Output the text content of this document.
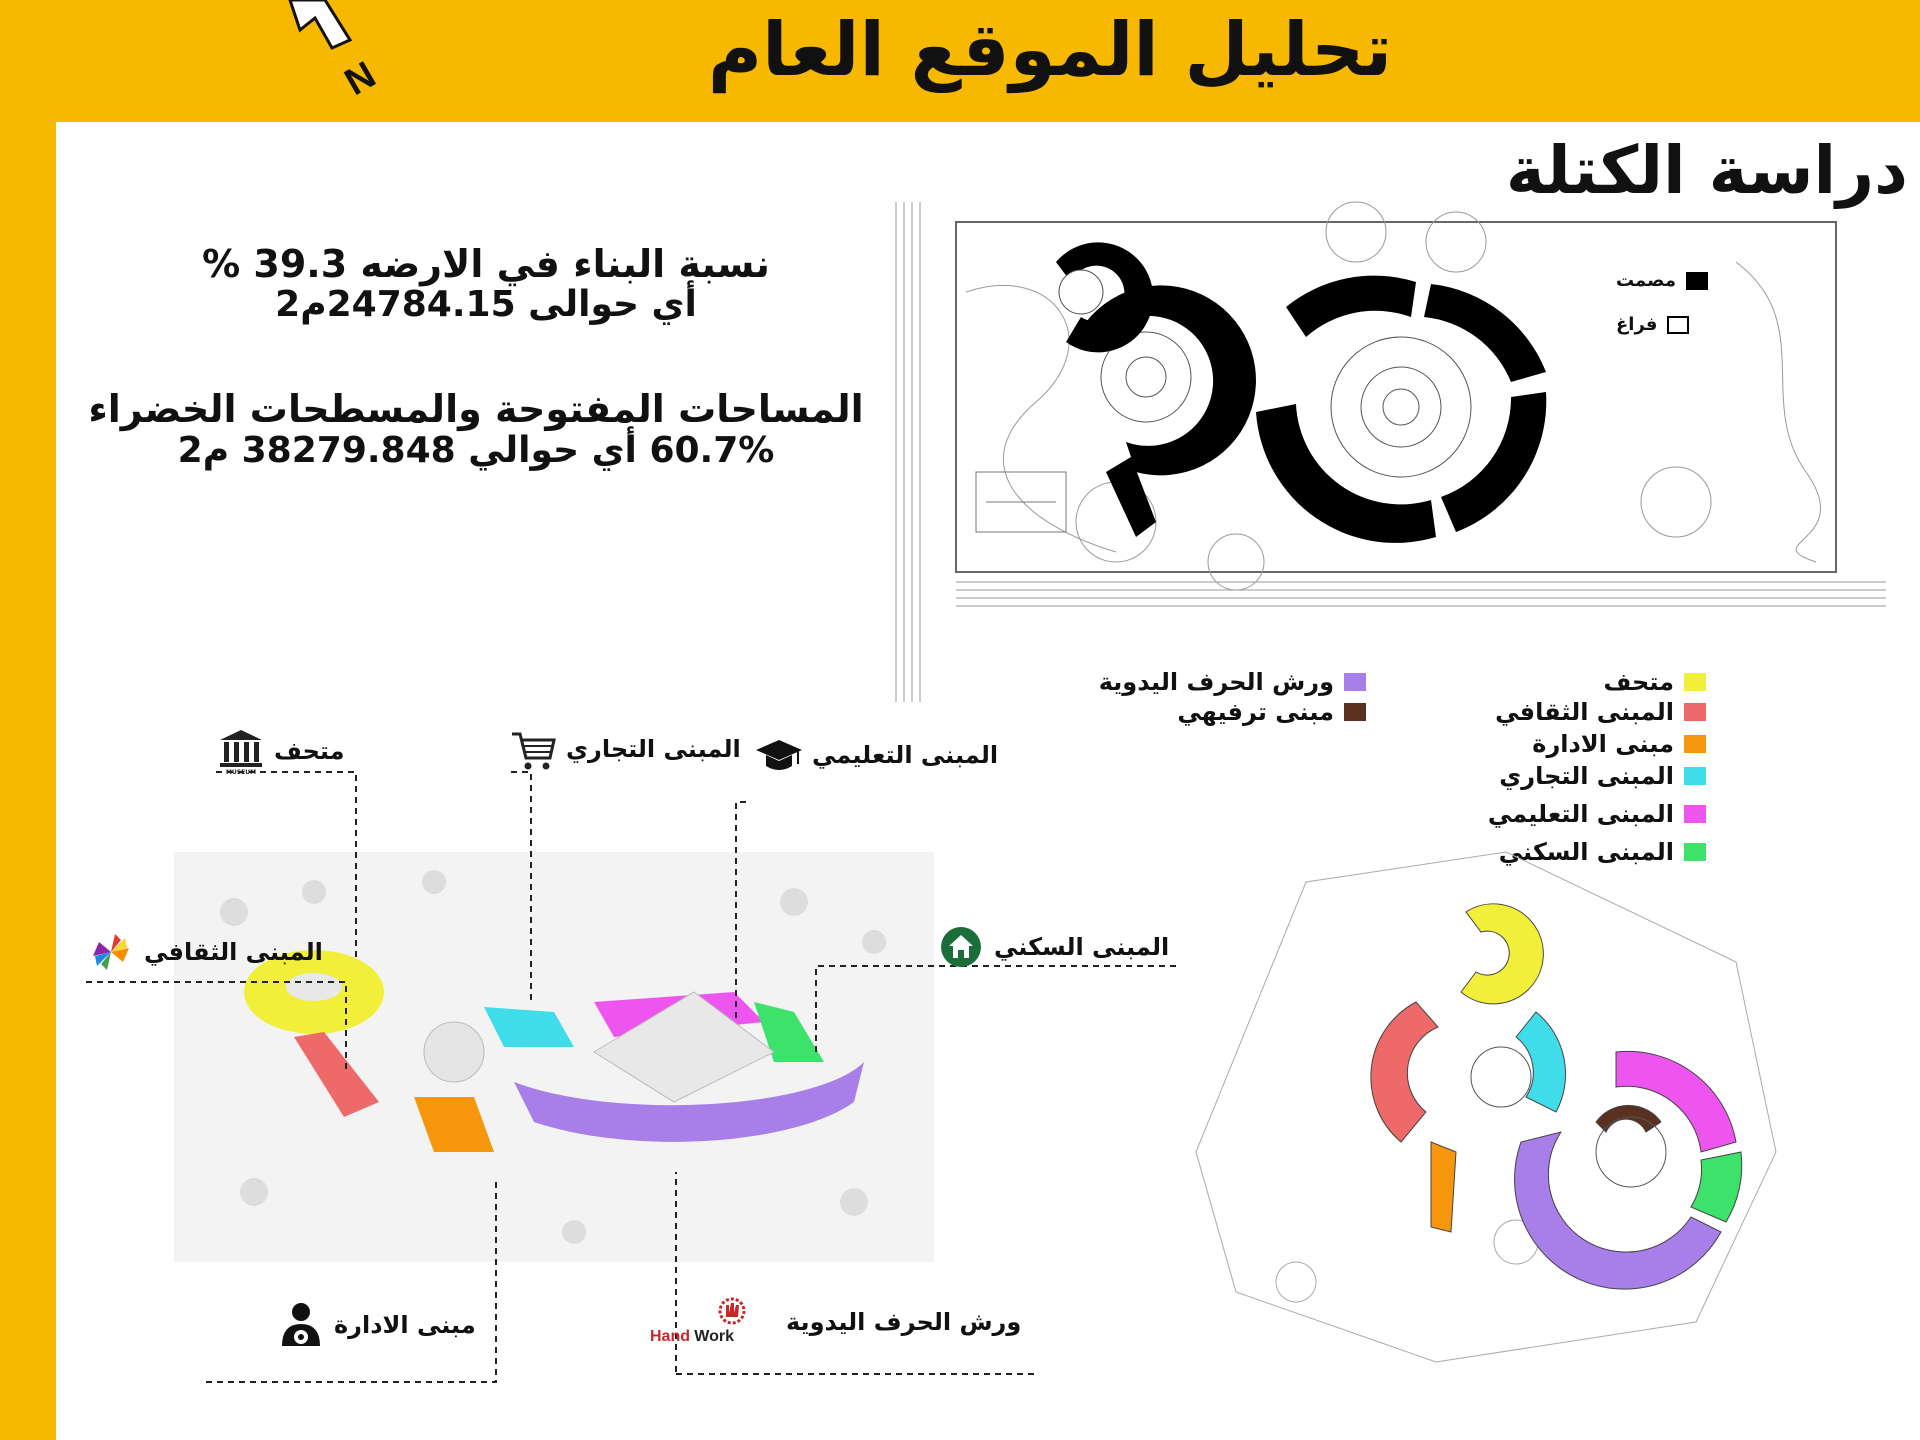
تحليل الموقع العام
N
دراسة الكتلة
نسبة البناء في الارضه 39.3 %
أي حوالى 24784.15م2
المساحات المفتوحة والمسطحات الخضراء
60.7% أي حوالي 38279.848 م2
مصمت
فراغ
متحف
المبنى الثقافي
مبنى الادارة
المبنى التجاري
المبنى التعليمي
المبنى السكني
ورش الحرف اليدوية
مبنى ترفيهي
متحف
MUSEUM
المبنى التجاري	المبنى التعليمي
المبنى الثقافي	المبنى السكني
مبنى الادارة	ورش الحرف اليدوية
Hand Work
